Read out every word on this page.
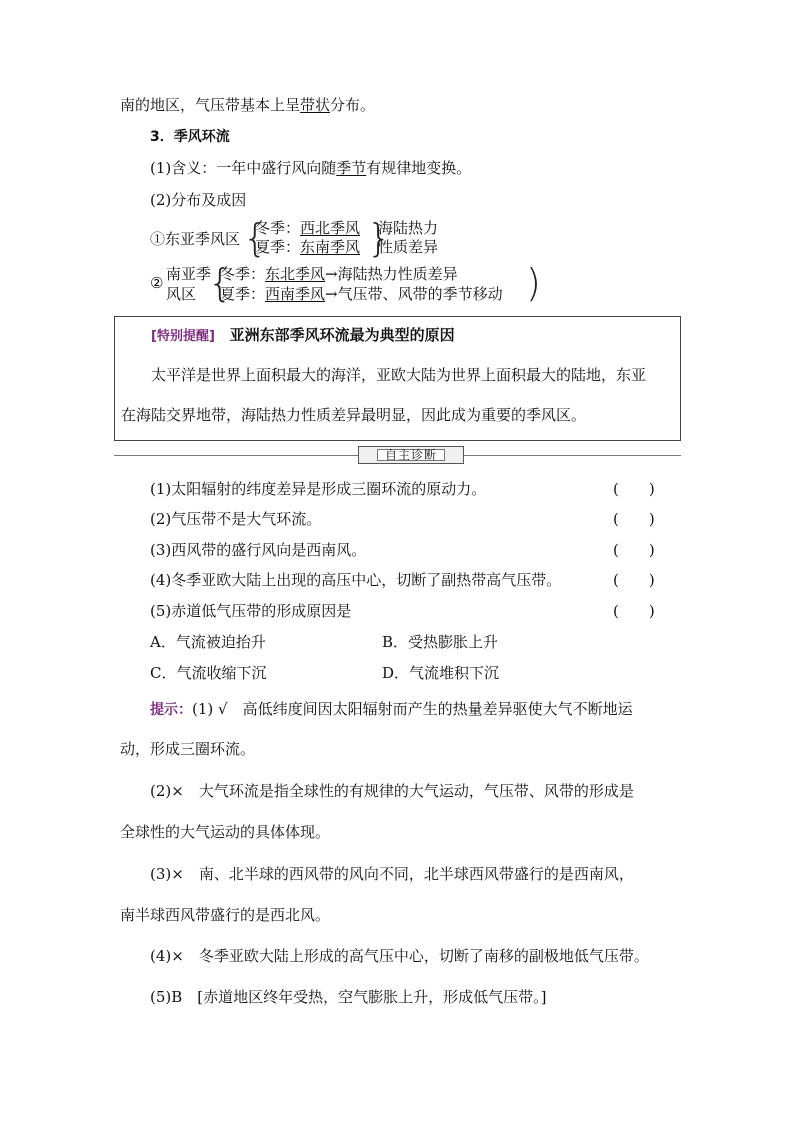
南的地区，气压带基本上呈带状分布。
3．季风环流
(1)含义：一年中盛行风向随季节有规律地变换。
(2)分布及成因
①东亚季风区 {
冬季：西北季风
夏季：东南季风 }
海陆热力
性质差异
② 南亚季
风区 {
冬季：东北季风→海陆热力性质差异
夏季：西南季风→气压带、风带的季节移动 )
[特别提醒] 亚洲东部季风环流最为典型的原因
太平洋是世界上面积最大的海洋，亚欧大陆为世界上面积最大的陆地，东亚
在海陆交界地带，海陆热力性质差异最明显，因此成为重要的季风区。
自主诊断
(1)太阳辐射的纬度差异是形成三圈环流的原动力。	(　　)
(2)气压带不是大气环流。	(　　)
(3)西风带的盛行风向是西南风。	(　　)
(4)冬季亚欧大陆上出现的高压中心，切断了副热带高气压带。	(　　)
(5)赤道低气压带的形成原因是	(　　)
A．气流被迫抬升	B．受热膨胀上升
C．气流收缩下沉	D．气流堆积下沉
提示：(1) √　高低纬度间因太阳辐射而产生的热量差异驱使大气不断地运
动，形成三圈环流。
(2)×　大气环流是指全球性的有规律的大气运动，气压带、风带的形成是
全球性的大气运动的具体体现。
(3)×　南、北半球的西风带的风向不同，北半球西风带盛行的是西南风，
南半球西风带盛行的是西北风。
(4)×　冬季亚欧大陆上形成的高气压中心，切断了南移的副极地低气压带。
(5)B　[赤道地区终年受热，空气膨胀上升，形成低气压带。]
